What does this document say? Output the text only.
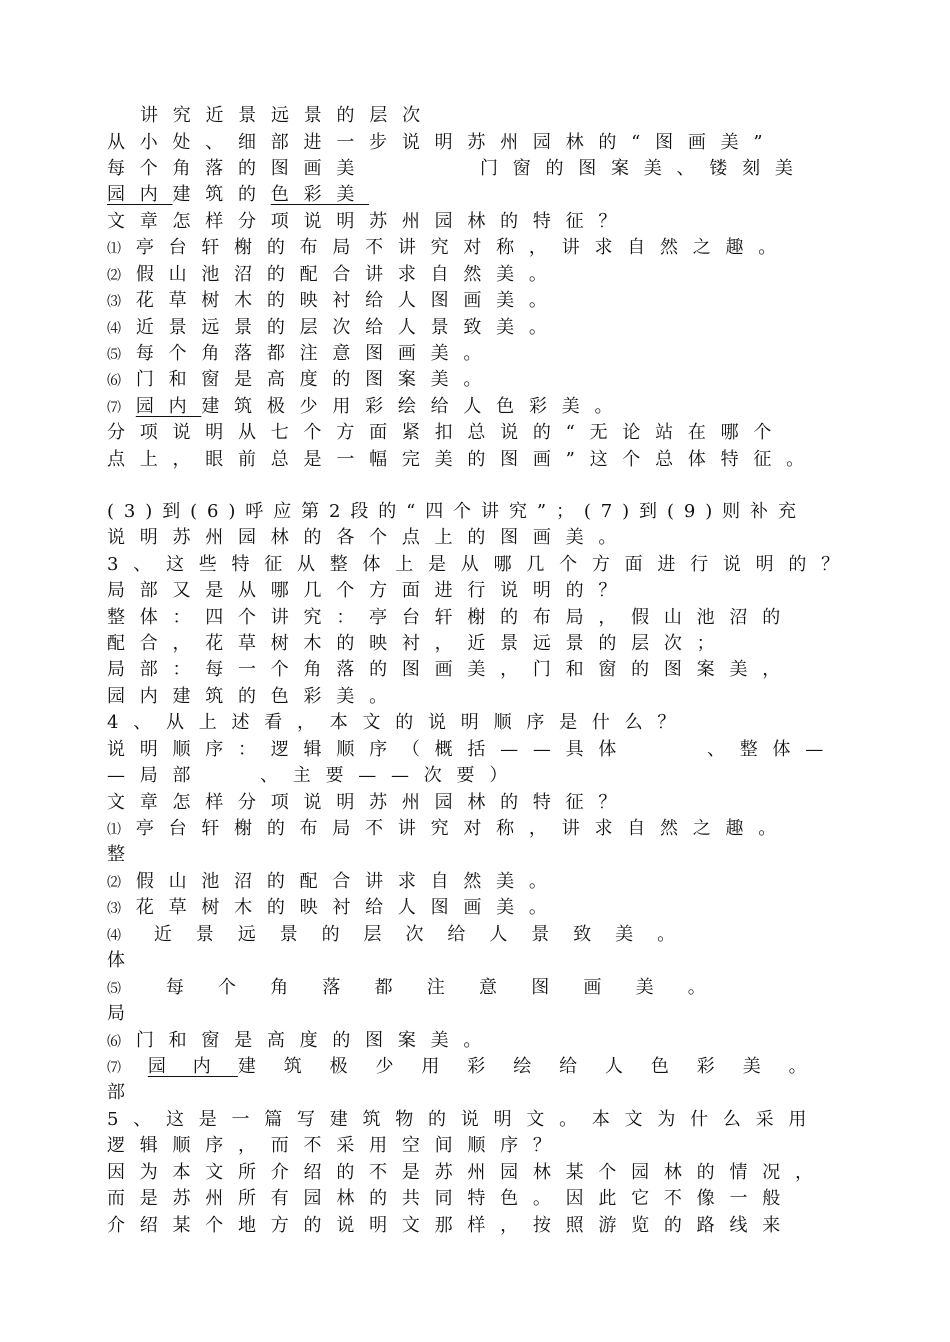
讲究近景远景的层次
从小处、细部进一步说明苏州园林的“图画美”
每个角落的图画美	门窗的图案美、镂刻美
园内建筑的色彩美
文章怎样分项说明苏州园林的特征？
⑴ 亭台轩榭的布局不讲究对称，讲求自然之趣。
⑵ 假山池沼的配合讲求自然美。
⑶ 花草树木的映衬给人图画美。
⑷ 近景远景的层次给人景致美。
⑸ 每个角落都注意图画美。
⑹ 门和窗是高度的图案美。
⑺ 园内建筑极少用彩绘给人色彩美。
分项说明从七个方面紧扣总说的“无论站在哪个
点上，眼前总是一幅完美的图画”这个总体特征。
(3)到(6)呼应第2段的“四个讲究”；(7)到(9)则补充
说明苏州园林的各个点上的图画美。
3、这些特征从整体上是从哪几个方面进行说明的？
局部又是从哪几个方面进行说明的？
整体：四个讲究：亭台轩榭的布局，假山池沼的
配合，花草树木的映衬，近景远景的层次；
局部：每一个角落的图画美，门和窗的图案美，
园内建筑的色彩美。
4、从上述看，本文的说明顺序是什么？
说明顺序：逻辑顺序（概括——具体	、整体—
—局部	、主要——次要）
文章怎样分项说明苏州园林的特征？
⑴ 亭台轩榭的布局不讲究对称，讲求自然之趣。
整
⑵ 假山池沼的配合讲求自然美。
⑶ 花草树木的映衬给人图画美。
⑷ 近景远景的层次给人景致美。
体
⑸ 每个角落都注意图画美。
局
⑹ 门和窗是高度的图案美。
⑺ 园内建筑极少用彩绘给人色彩美。
部
5、这是一篇写建筑物的说明文。本文为什么采用
逻辑顺序，而不采用空间顺序？
因为本文所介绍的不是苏州园林某个园林的情况，
而是苏州所有园林的共同特色。因此它不像一般
介绍某个地方的说明文那样，按照游览的路线来
